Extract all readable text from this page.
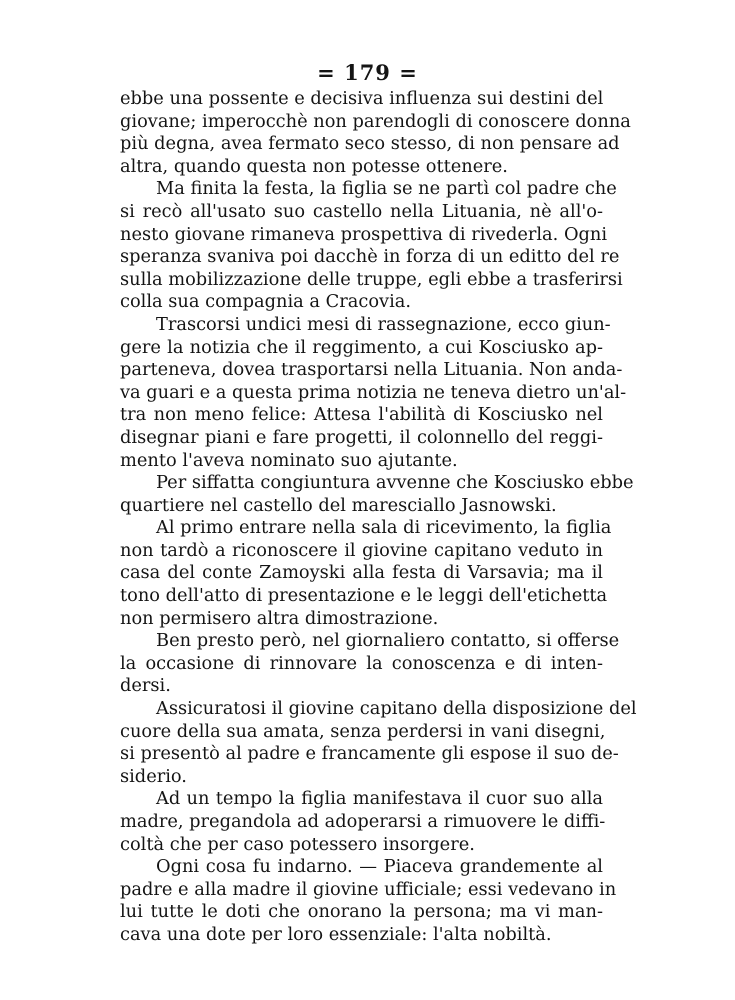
= 179 =

ebbe una possente e decisiva influenza sui destini del
giovane; imperocchè non parendogli di conoscere donna
più degna, avea fermato seco stesso, di non pensare ad
altra, quando questa non potesse ottenere.

Ma finita la festa, la figlia se ne partì col padre che
si recò all'usato suo castello nella Lituania, nè all'o-
nesto giovane rimaneva prospettiva di rivederla. Ogni
speranza svaniva poi dacchè in forza di un editto del re
sulla mobilizzazione delle truppe, egli ebbe a trasferirsi
colla sua compagnia a Cracovia.

Trascorsi undici mesi di rassegnazione, ecco giun-
gere la notizia che il reggimento, a cui Kosciusko ap-
parteneva, dovea trasportarsi nella Lituania. Non anda-
va guari e a questa prima notizia ne teneva dietro un'al-
tra non meno felice: Attesa l'abilità di Kosciusko nel
disegnar piani e fare progetti, il colonnello del reggi-
mento l'aveva nominato suo ajutante.

Per siffatta congiuntura avvenne che Kosciusko ebbe
quartiere nel castello del maresciallo Jasnowski.

Al primo entrare nella sala di ricevimento, la figlia
non tardò a riconoscere il giovine capitano veduto in
casa del conte Zamoyski alla festa di Varsavia; ma il
tono dell'atto di presentazione e le leggi dell'etichetta
non permisero altra dimostrazione.

Ben presto però, nel giornaliero contatto, si offerse
la occasione di rinnovare la conoscenza e di inten-
dersi.

Assicuratosi il giovine capitano della disposizione del
cuore della sua amata, senza perdersi in vani disegni,
si presentò al padre e francamente gli espose il suo de-
siderio.

Ad un tempo la figlia manifestava il cuor suo alla
madre, pregandola ad adoperarsi a rimuovere le diffi-
coltà che per caso potessero insorgere.

Ogni cosa fu indarno. — Piaceva grandemente al
padre e alla madre il giovine ufficiale; essi vedevano in
lui tutte le doti che onorano la persona; ma vi man-
cava una dote per loro essenziale: l'alta nobiltà.
